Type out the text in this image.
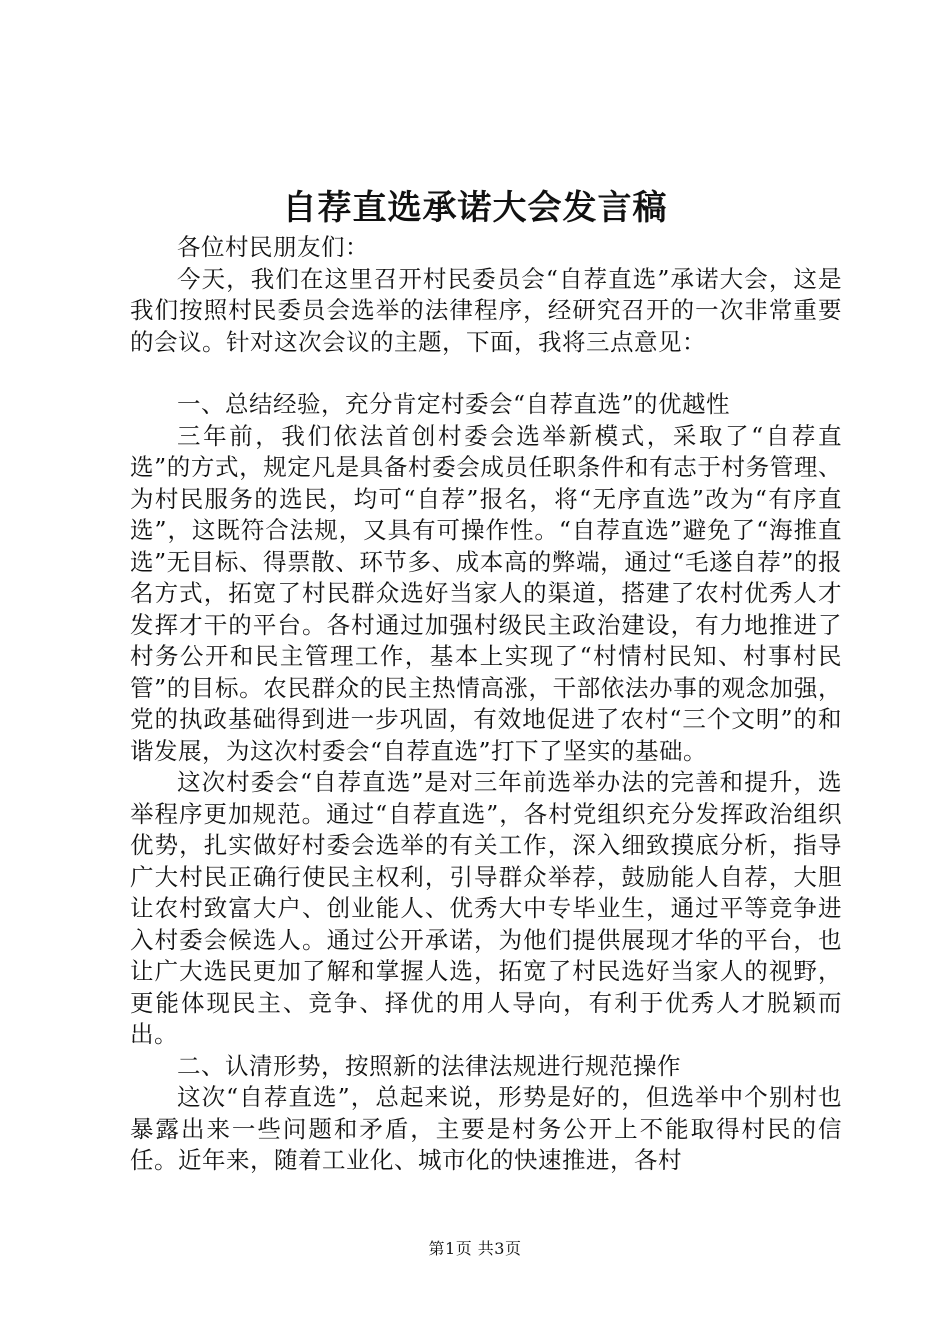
自荐直选承诺大会发言稿

各位村民朋友们：

今天，我们在这里召开村民委员会“自荐直选”承诺大会，这是我们按照村民委员会选举的法律程序，经研究召开的一次非常重要的会议。针对这次会议的主题，下面，我将三点意见：

一、总结经验，充分肯定村委会“自荐直选”的优越性

三年前，我们依法首创村委会选举新模式，采取了“自荐直选”的方式，规定凡是具备村委会成员任职条件和有志于村务管理、为村民服务的选民，均可“自荐”报名，将“无序直选”改为“有序直选”，这既符合法规，又具有可操作性。“自荐直选”避免了“海推直选”无目标、得票散、环节多、成本高的弊端，通过“毛遂自荐”的报名方式，拓宽了村民群众选好当家人的渠道，搭建了农村优秀人才发挥才干的平台。各村通过加强村级民主政治建设，有力地推进了村务公开和民主管理工作，基本上实现了“村情村民知、村事村民管”的目标。农民群众的民主热情高涨，干部依法办事的观念加强，党的执政基础得到进一步巩固，有效地促进了农村“三个文明”的和谐发展，为这次村委会“自荐直选”打下了坚实的基础。

这次村委会“自荐直选”是对三年前选举办法的完善和提升，选举程序更加规范。通过“自荐直选”，各村党组织充分发挥政治组织优势，扎实做好村委会选举的有关工作，深入细致摸底分析，指导广大村民正确行使民主权利，引导群众举荐，鼓励能人自荐，大胆让农村致富大户、创业能人、优秀大中专毕业生，通过平等竞争进入村委会候选人。通过公开承诺，为他们提供展现才华的平台，也让广大选民更加了解和掌握人选，拓宽了村民选好当家人的视野，更能体现民主、竞争、择优的用人导向，有利于优秀人才脱颖而出。

二、认清形势，按照新的法律法规进行规范操作

这次“自荐直选”，总起来说，形势是好的，但选举中个别村也暴露出来一些问题和矛盾，主要是村务公开上不能取得村民的信任。近年来，随着工业化、城市化的快速推进，各村

第1页 共3页
